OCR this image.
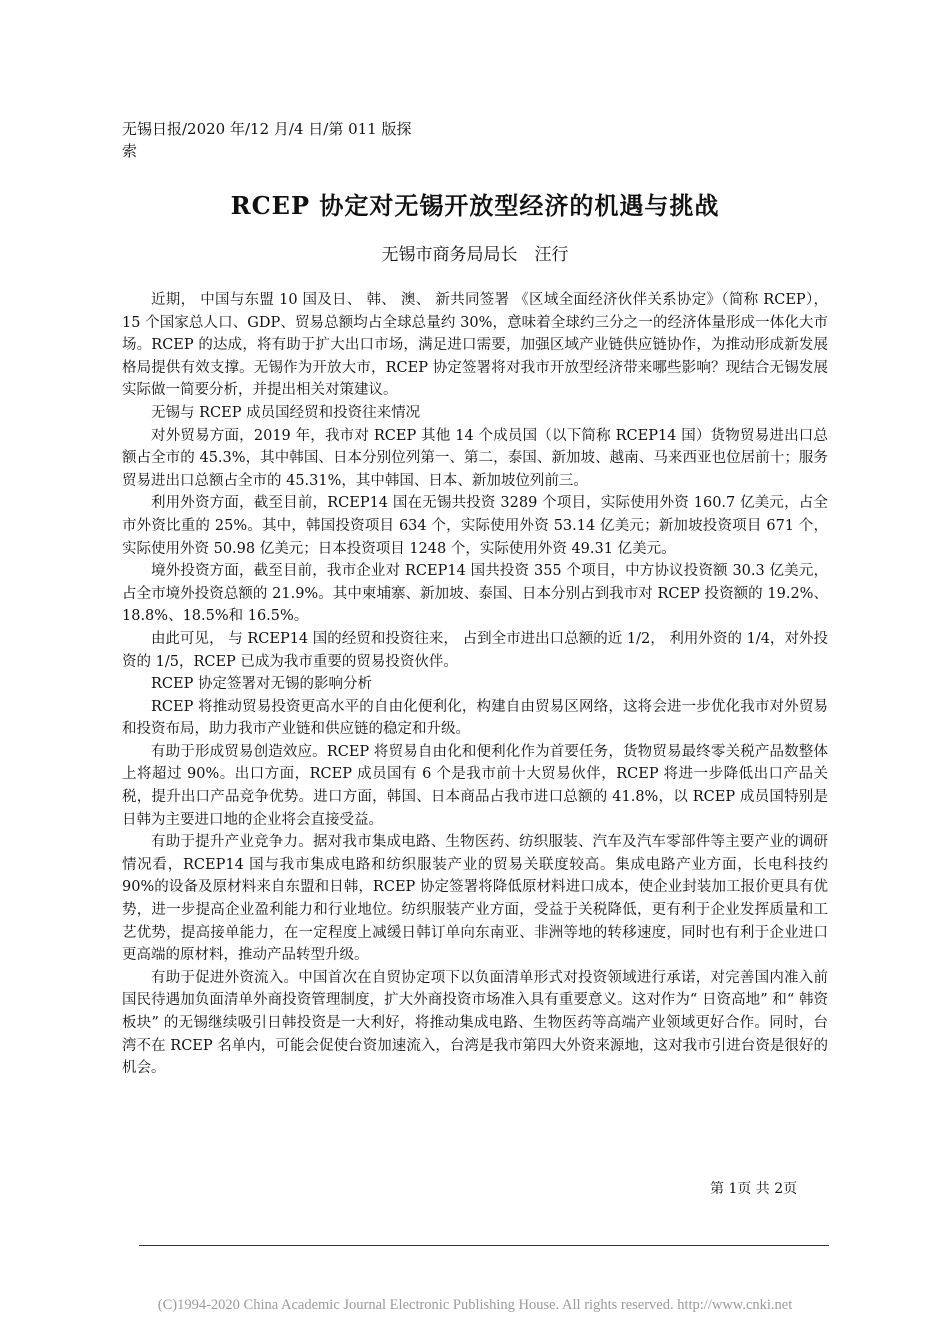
无锡日报/2020 年/12 月/4 日/第 011 版探索
RCEP 协定对无锡开放型经济的机遇与挑战
无锡市商务局局长　汪行

近期， 中国与东盟 10 国及日、 韩、 澳、 新共同签署 《区域全面经济伙伴关系协定》（简称 RCEP），15 个国家总人口、GDP、贸易总额均占全球总量约 30%，意味着全球约三分之一的经济体量形成一体化大市场。RCEP 的达成，将有助于扩大出口市场，满足进口需要，加强区域产业链供应链协作，为推动形成新发展格局提供有效支撑。无锡作为开放大市，RCEP 协定签署将对我市开放型经济带来哪些影响？现结合无锡发展实际做一简要分析，并提出相关对策建议。

无锡与 RCEP 成员国经贸和投资往来情况

对外贸易方面，2019 年，我市对 RCEP 其他 14 个成员国（以下简称 RCEP14 国）货物贸易进出口总额占全市的 45.3%，其中韩国、日本分别位列第一、第二，泰国、新加坡、越南、马来西亚也位居前十；服务贸易进出口总额占全市的 45.31%，其中韩国、日本、新加坡位列前三。

利用外资方面，截至目前，RCEP14 国在无锡共投资 3289 个项目，实际使用外资 160.7 亿美元，占全市外资比重的 25%。其中，韩国投资项目 634 个，实际使用外资 53.14 亿美元；新加坡投资项目 671 个，实际使用外资 50.98 亿美元；日本投资项目 1248 个，实际使用外资 49.31 亿美元。

境外投资方面，截至目前，我市企业对 RCEP14 国共投资 355 个项目，中方协议投资额 30.3 亿美元，占全市境外投资总额的 21.9%。其中柬埔寨、新加坡、泰国、日本分别占到我市对 RCEP 投资额的 19.2%、18.8%、18.5%和 16.5%。

由此可见， 与 RCEP14 国的经贸和投资往来， 占到全市进出口总额的近 1/2， 利用外资的 1/4，对外投资的 1/5，RCEP 已成为我市重要的贸易投资伙伴。

RCEP 协定签署对无锡的影响分析

RCEP 将推动贸易投资更高水平的自由化便利化，构建自由贸易区网络，这将会进一步优化我市对外贸易和投资布局，助力我市产业链和供应链的稳定和升级。

有助于形成贸易创造效应。RCEP 将贸易自由化和便利化作为首要任务，货物贸易最终零关税产品数整体上将超过 90%。出口方面，RCEP 成员国有 6 个是我市前十大贸易伙伴，RCEP 将进一步降低出口产品关税，提升出口产品竞争优势。进口方面，韩国、日本商品占我市进口总额的 41.8%，以 RCEP 成员国特别是日韩为主要进口地的企业将会直接受益。

有助于提升产业竞争力。据对我市集成电路、生物医药、纺织服装、汽车及汽车零部件等主要产业的调研情况看，RCEP14 国与我市集成电路和纺织服装产业的贸易关联度较高。集成电路产业方面，长电科技约 90%的设备及原材料来自东盟和日韩，RCEP 协定签署将降低原材料进口成本，使企业封装加工报价更具有优势，进一步提高企业盈利能力和行业地位。纺织服装产业方面，受益于关税降低，更有利于企业发挥质量和工艺优势，提高接单能力，在一定程度上减缓日韩订单向东南亚、非洲等地的转移速度，同时也有利于企业进口更高端的原材料，推动产品转型升级。

有助于促进外资流入。中国首次在自贸协定项下以负面清单形式对投资领域进行承诺，对完善国内准入前国民待遇加负面清单外商投资管理制度，扩大外商投资市场准入具有重要意义。这对作为“ 日资高地” 和“ 韩资板块” 的无锡继续吸引日韩投资是一大利好，将推动集成电路、生物医药等高端产业领域更好合作。同时，台湾不在 RCEP 名单内，可能会促使台资加速流入，台湾是我市第四大外资来源地，这对我市引进台资是很好的机会。

第 1页 共 2页
(C)1994-2020 China Academic Journal Electronic Publishing House. All rights reserved. http://www.cnki.net
